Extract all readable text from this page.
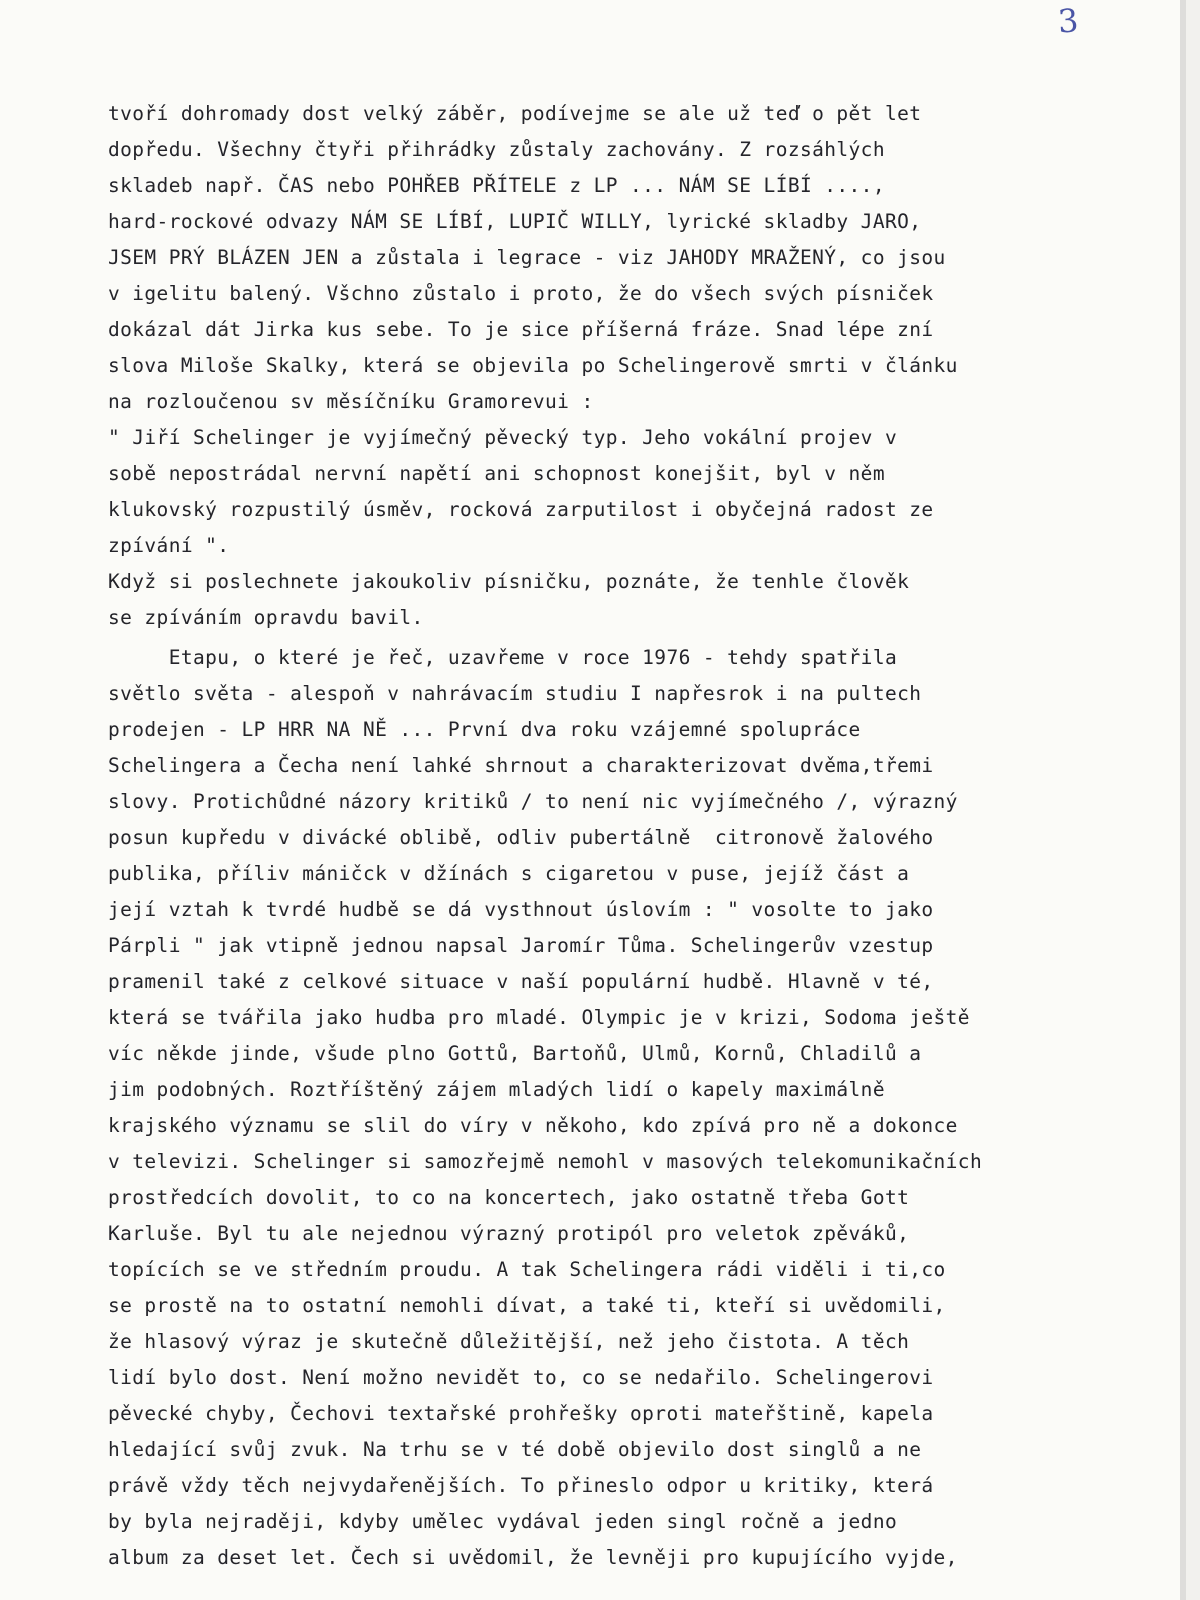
3
tvoří dohromady dost velký záběr, podívejme se ale už teď o pět let
dopředu. Všechny čtyři přihrádky zůstaly zachovány. Z rozsáhlých
skladeb např. ČAS nebo POHŘEB PŘÍTELE z LP ... NÁM SE LÍBÍ ....,
hard-rockové odvazy NÁM SE LÍBÍ, LUPIČ WILLY, lyrické skladby JARO,
JSEM PRÝ BLÁZEN JEN a zůstala i legrace - viz JAHODY MRAŽENÝ, co jsou
v igelitu balený. Všchno zůstalo i proto, že do všech svých písniček
dokázal dát Jirka kus sebe. To je sice příšerná fráze. Snad lépe zní
slova Miloše Skalky, která se objevila po Schelingerově smrti v článku
na rozloučenou sv měsíčníku Gramorevui :
" Jiří Schelinger je vyjímečný pěvecký typ. Jeho vokální projev v
sobě nepostrádal nervní napětí ani schopnost konejšit, byl v něm
klukovský rozpustilý úsměv, rocková zarputilost i obyčejná radost ze
zpívání ".
Když si poslechnete jakoukoliv písničku, poznáte, že tenhle člověk
se zpíváním opravdu bavil.
Etapu, o které je řeč, uzavřeme v roce 1976 - tehdy spatřila
světlo světa - alespoň v nahrávacím studiu I napřesrok i na pultech
prodejen - LP HRR NA NĚ ... První dva roku vzájemné spolupráce
Schelingera a Čecha není lahké shrnout a charakterizovat dvěma,třemi
slovy. Protichůdné názory kritiků / to není nic vyjímečného /, výrazný
posun kupředu v divácké oblibě, odliv pubertálně  citronově žalového
publika, příliv máničck v džínách s cigaretou v puse, jejíž část a
její vztah k tvrdé hudbě se dá vysthnout úslovím : " vosolte to jako
Párpli " jak vtipně jednou napsal Jaromír Tůma. Schelingerův vzestup
pramenil také z celkové situace v naší populární hudbě. Hlavně v té,
která se tvářila jako hudba pro mladé. Olympic je v krizi, Sodoma ještě
víc někde jinde, všude plno Gottů, Bartoňů, Ulmů, Kornů, Chladilů a
jim podobných. Roztříštěný zájem mladých lidí o kapely maximálně
krajského významu se slil do víry v někoho, kdo zpívá pro ně a dokonce
v televizi. Schelinger si samozřejmě nemohl v masových telekomunikačních
prostředcích dovolit, to co na koncertech, jako ostatně třeba Gott
Karluše. Byl tu ale nejednou výrazný protipól pro veletok zpěváků,
topících se ve středním proudu. A tak Schelingera rádi viděli i ti,co
se prostě na to ostatní nemohli dívat, a také ti, kteří si uvědomili,
že hlasový výraz je skutečně důležitější, než jeho čistota. A těch
lidí bylo dost. Není možno nevidět to, co se nedařilo. Schelingerovi
pěvecké chyby, Čechovi textařské prohřešky oproti mateřštině, kapela
hledající svůj zvuk. Na trhu se v té době objevilo dost singlů a ne
právě vždy těch nejvydařenějších. To přineslo odpor u kritiky, která
by byla nejraději, kdyby umělec vydával jeden singl ročně a jedno
album za deset let. Čech si uvědomil, že levněji pro kupujícího vyjde,
